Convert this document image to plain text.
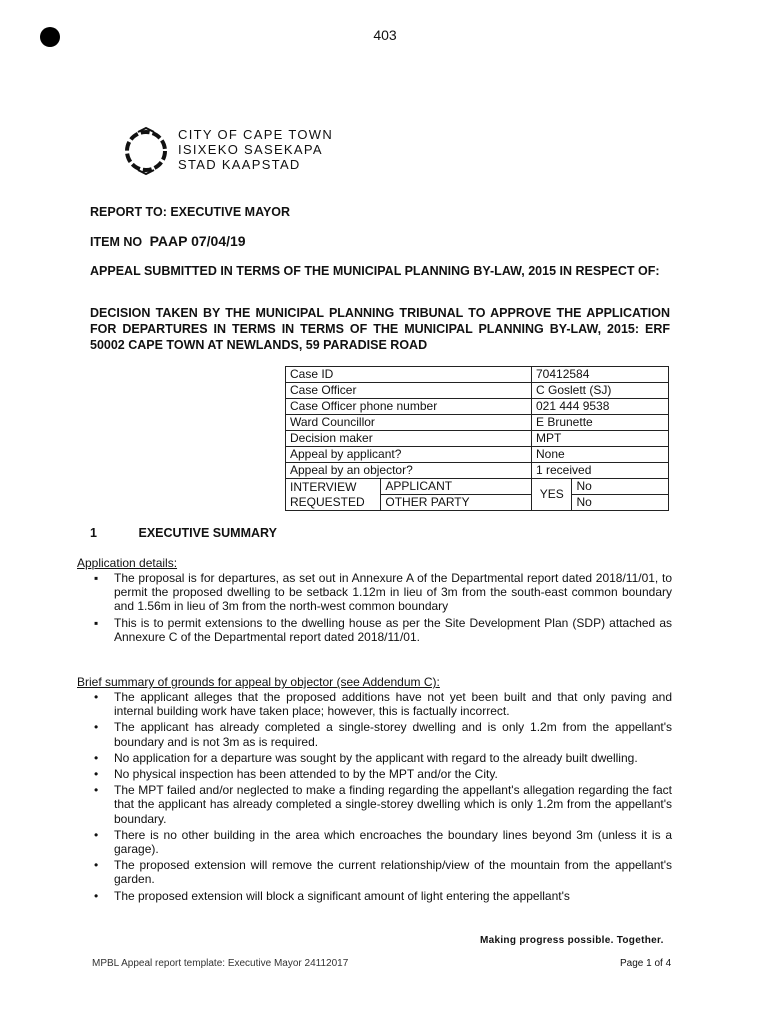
403
CITY OF CAPE TOWN
ISIXEKO SASEKAPA
STAD KAAPSTAD
REPORT TO: EXECUTIVE MAYOR
ITEM NO PAAP 07/04/19
APPEAL SUBMITTED IN TERMS OF THE MUNICIPAL PLANNING BY-LAW, 2015 IN RESPECT OF:
DECISION TAKEN BY THE MUNICIPAL PLANNING TRIBUNAL TO APPROVE THE APPLICATION FOR DEPARTURES IN TERMS IN TERMS OF THE MUNICIPAL PLANNING BY-LAW, 2015: ERF 50002 CAPE TOWN AT NEWLANDS, 59 PARADISE ROAD
Case ID		70412584	
Case Officer		C Goslett (SJ)	
Case Officer phone number		021 444 9538	
Ward Councillor		E Brunette	
Decision maker		MPT	
Appeal by applicant?		None	
Appeal by an objector?		1 received	
INTERVIEW REQUESTED	APPLICANT	YES	No
	OTHER PARTY		No
1	EXECUTIVE SUMMARY
Application details:
▪ The proposal is for departures, as set out in Annexure A of the Departmental report dated 2018/11/01, to permit the proposed dwelling to be setback 1.12m in lieu of 3m from the south-east common boundary and 1.56m in lieu of 3m from the north-west common boundary
▪ This is to permit extensions to the dwelling house as per the Site Development Plan (SDP) attached as Annexure C of the Departmental report dated 2018/11/01.
Brief summary of grounds for appeal by objector (see Addendum C):
• The applicant alleges that the proposed additions have not yet been built and that only paving and internal building work have taken place; however, this is factually incorrect.
• The applicant has already completed a single-storey dwelling and is only 1.2m from the appellant's boundary and is not 3m as is required.
• No application for a departure was sought by the applicant with regard to the already built dwelling.
• No physical inspection has been attended to by the MPT and/or the City.
• The MPT failed and/or neglected to make a finding regarding the appellant's allegation regarding the fact that the applicant has already completed a single-storey dwelling which is only 1.2m from the appellant's boundary.
• There is no other building in the area which encroaches the boundary lines beyond 3m (unless it is a garage).
• The proposed extension will remove the current relationship/view of the mountain from the appellant's garden.
• The proposed extension will block a significant amount of light entering the appellant's
Making progress possible. Together.
MPBL Appeal report template: Executive Mayor 24112017	Page 1 of 4
